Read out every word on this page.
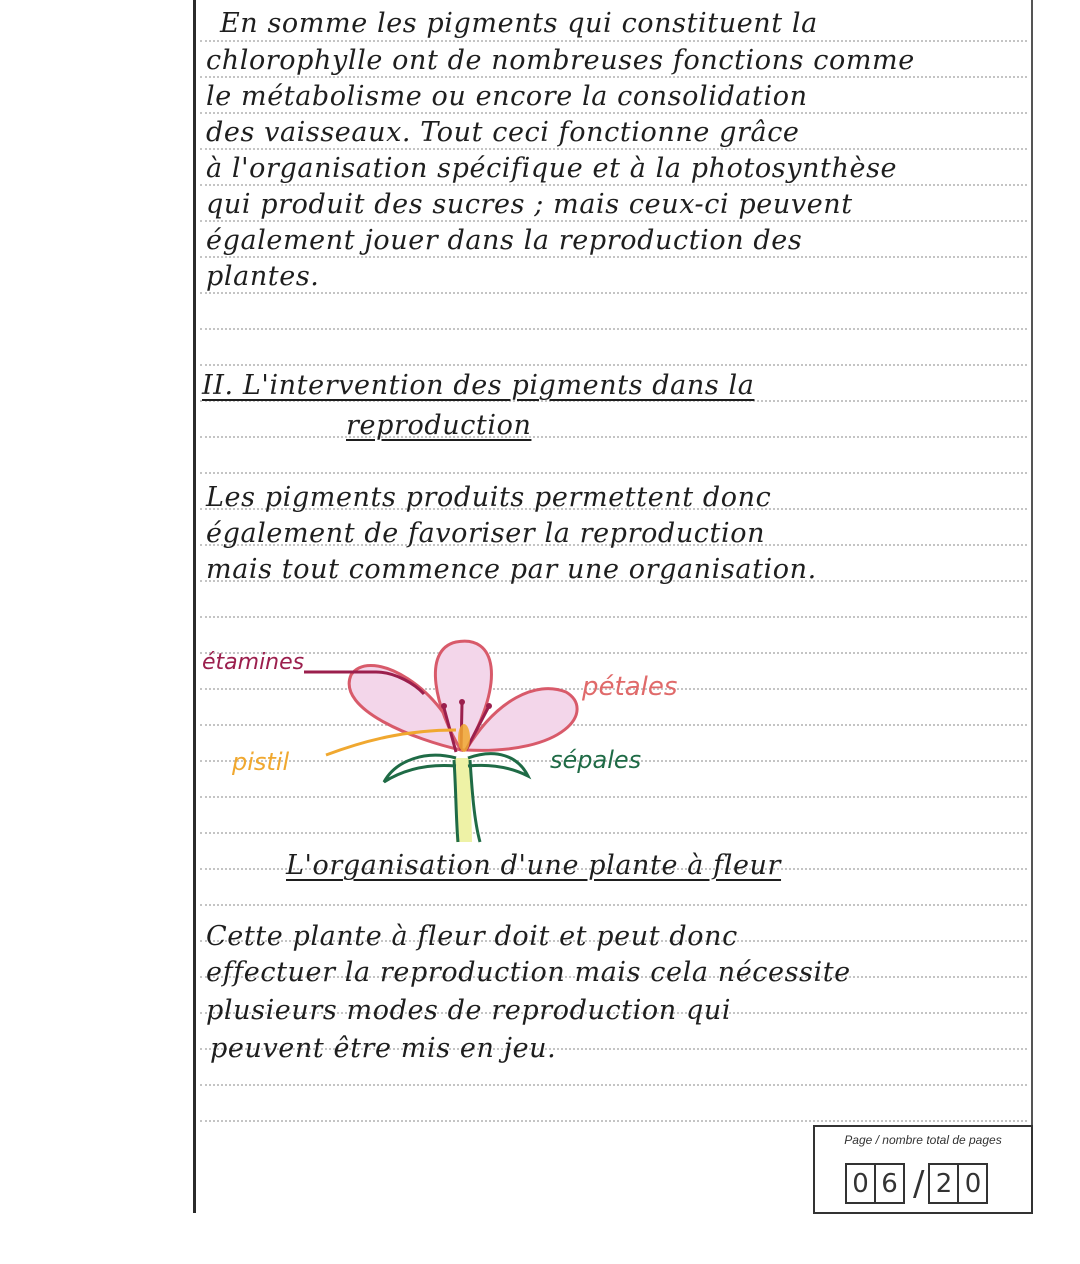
En somme les pigments qui constituent la
chlorophylle ont de nombreuses fonctions comme
le métabolisme ou encore la consolidation
des vaisseaux. Tout ceci fonctionne grâce
à l'organisation spécifique et à la photosynthèse
qui produit des sucres ; mais ceux-ci peuvent
également jouer dans la reproduction des
plantes.
II. L'intervention des pigments dans la
reproduction
Les pigments produits permettent donc
également de favoriser la reproduction
mais tout commence par une organisation.
étamines
pétales
pistil	sépales
L'organisation d'une plante à fleur
Cette plante à fleur doit et peut donc
effectuer la reproduction mais cela nécessite
plusieurs modes de reproduction qui
peuvent être mis en jeu.
Page / nombre total de pages
0 6 / 2 0
